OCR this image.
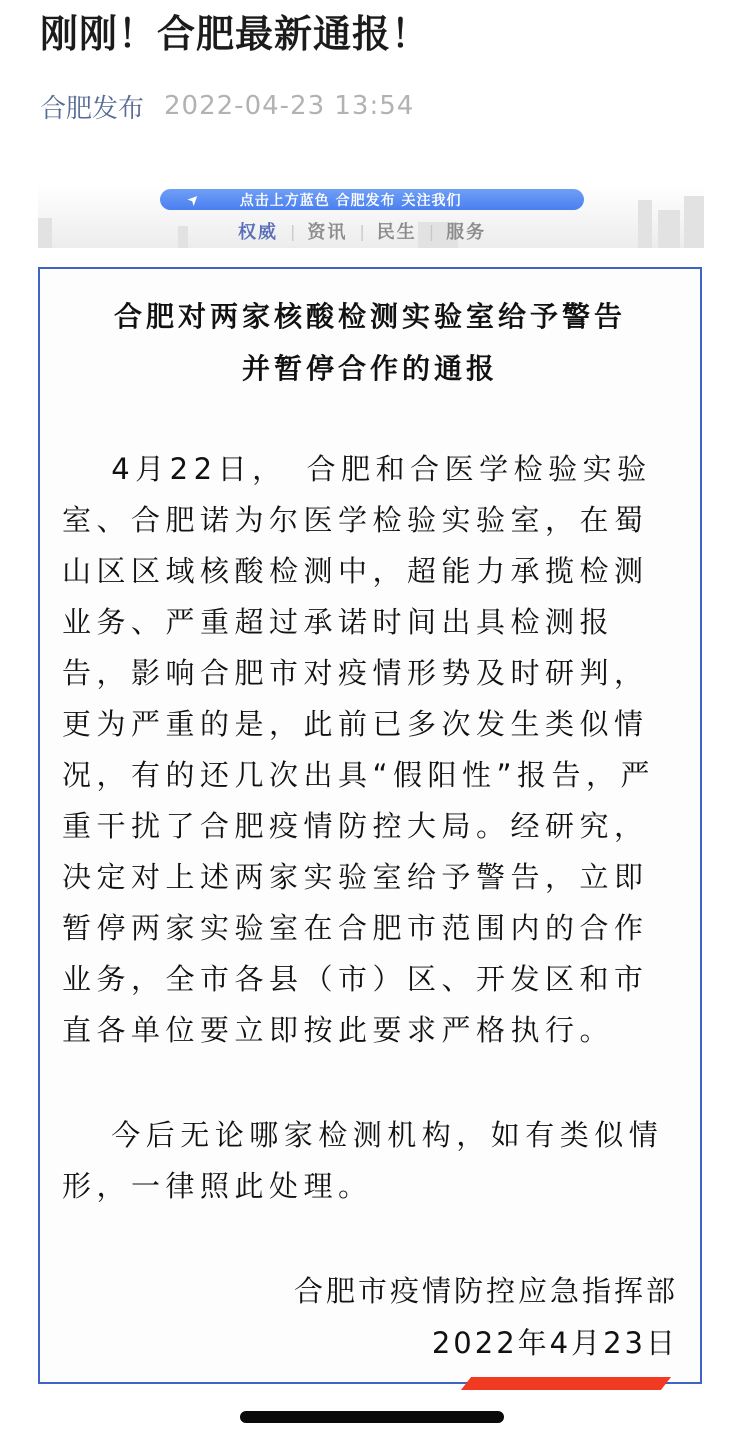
刚刚！合肥最新通报！
合肥发布 2022-04-23 13:54
➤	点击上方蓝色 合肥发布 关注我们
权威 | 资讯 | 民生 | 服务
合肥对两家核酸检测实验室给予警告
并暂停合作的通报
　 4月22日，　合肥和合医学检验实验
室、合肥诺为尔医学检验实验室，在蜀
山区区域核酸检测中，超能力承揽检测
业务、严重超过承诺时间出具检测报
告，影响合肥市对疫情形势及时研判，
更为严重的是，此前已多次发生类似情
况，有的还几次出具“假阳性”报告，严
重干扰了合肥疫情防控大局。经研究，
决定对上述两家实验室给予警告，立即
暂停两家实验室在合肥市范围内的合作
业务，全市各县（市）区、开发区和市
直各单位要立即按此要求严格执行。
　 今后无论哪家检测机构，如有类似情
形，一律照此处理。
合肥市疫情防控应急指挥部
2022年4月23日
